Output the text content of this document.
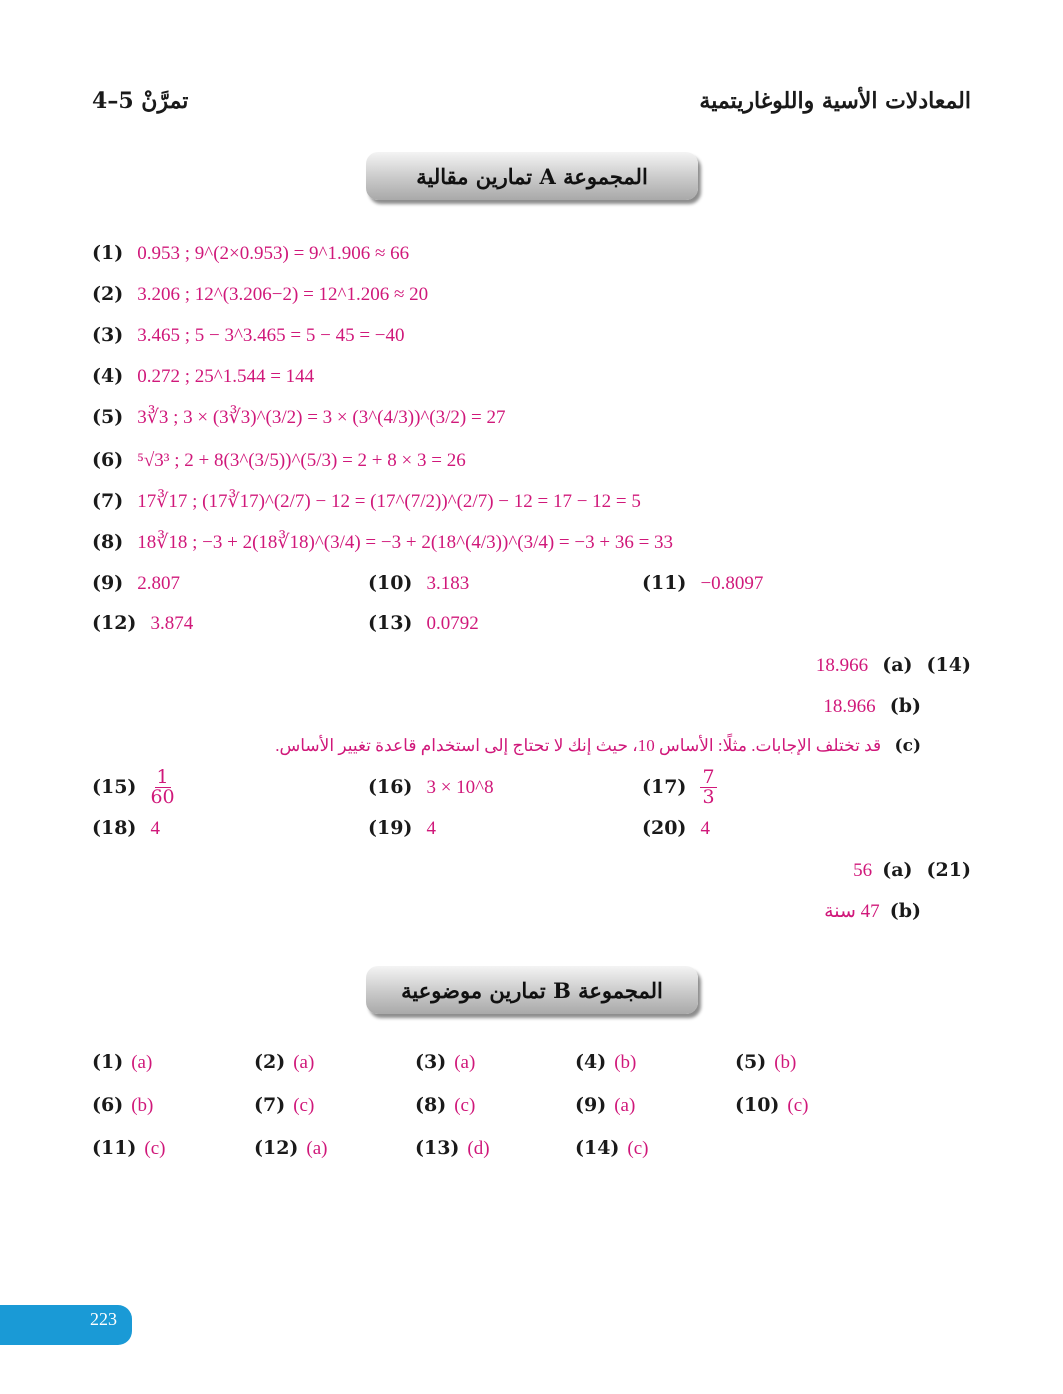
المعادلات الأسية واللوغاريتمية
تمرَّنْ 5–4
المجموعة A تمارين مقالية
(1) 0.953 ; 9^(2×0.953) = 9^1.906 ≈ 66
(2) 3.206 ; 12^(3.206−2) = 12^1.206 ≈ 20
(3) 3.465 ; 5 − 3^3.465 = 5 − 45 = −40
(4) 0.272 ; 25^1.544 = 144
(5) 3∛3 ; 3 × (3∛3)^(3/2) = 3 × (3^(4/3))^(3/2) = 27
(6) ⁵√3³ ; 2 + 8(3^(3/5))^(5/3) = 2 + 8 × 3 = 26
(7) 17∛17 ; (17∛17)^(2/7) − 12 = (17^(7/2))^(2/7) − 12 = 17 − 12 = 5
(8) 18∛18 ; −3 + 2(18∛18)^(3/4) = −3 + 2(18^(4/3))^(3/4) = −3 + 36 = 33
(9) 2.807	(10) 3.183	(11) −0.8097
(12) 3.874	(13) 0.0792
(14) (a) 18.966
(b) 18.966
(c) قد تختلف الإجابات. مثلًا: الأساس 10، حيث إنك لا تحتاج إلى استخدام قاعدة تغيير الأساس.
$(15) \frac{1}{60}$	(16) 3 × 10^8	$(17) \frac{7}{3}$
(18) 4	(19) 4	(20) 4
(21) (a) 56
(b) 47 سنة
المجموعة B تمارين موضوعية
(1) (a)	(2) (a)	(3) (a)	(4) (b)	(5) (b)
(6) (b)	(7) (c)	(8) (c)	(9) (a)	(10) (c)
(11) (c)	(12) (a)	(13) (d)	(14) (c)
223
